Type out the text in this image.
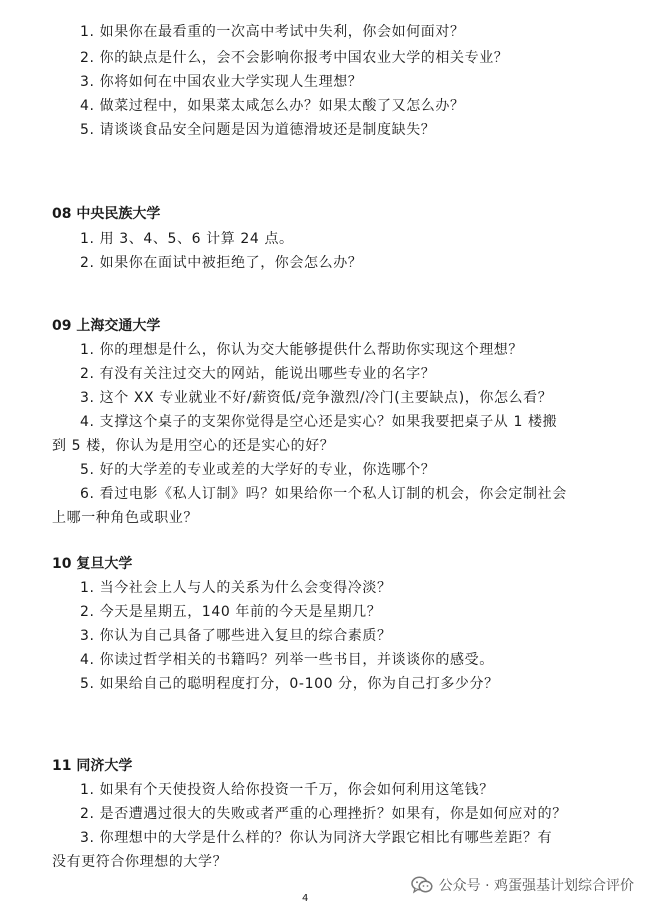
1. 如果你在最看重的一次高中考试中失利，你会如何面对？
2. 你的缺点是什么，会不会影响你报考中国农业大学的相关专业？
3. 你将如何在中国农业大学实现人生理想？
4. 做菜过程中，如果菜太咸怎么办？如果太酸了又怎么办？
5. 请谈谈食品安全问题是因为道德滑坡还是制度缺失？
08 中央民族大学
1. 用 3、4、5、6 计算 24 点。
2. 如果你在面试中被拒绝了，你会怎么办？
09 上海交通大学
1. 你的理想是什么，你认为交大能够提供什么帮助你实现这个理想？
2. 有没有关注过交大的网站，能说出哪些专业的名字？
3. 这个 XX 专业就业不好/薪资低/竞争激烈/冷门(主要缺点)，你怎么看？
4. 支撑这个桌子的支架你觉得是空心还是实心？如果我要把桌子从 1 楼搬
到 5 楼，你认为是用空心的还是实心的好？
5. 好的大学差的专业或差的大学好的专业，你选哪个？
6. 看过电影《私人订制》吗？如果给你一个私人订制的机会，你会定制社会
上哪一种角色或职业？
10 复旦大学
1. 当今社会上人与人的关系为什么会变得冷淡？
2. 今天是星期五，140 年前的今天是星期几？
3. 你认为自己具备了哪些进入复旦的综合素质？
4. 你读过哲学相关的书籍吗？列举一些书目，并谈谈你的感受。
5. 如果给自己的聪明程度打分，0-100 分，你为自己打多少分？
11 同济大学
1. 如果有个天使投资人给你投资一千万，你会如何利用这笔钱？
2. 是否遭遇过很大的失败或者严重的心理挫折？如果有，你是如何应对的？
3. 你理想中的大学是什么样的？你认为同济大学跟它相比有哪些差距？有
没有更符合你理想的大学？
4
公众号 · 鸡蛋强基计划综合评价
